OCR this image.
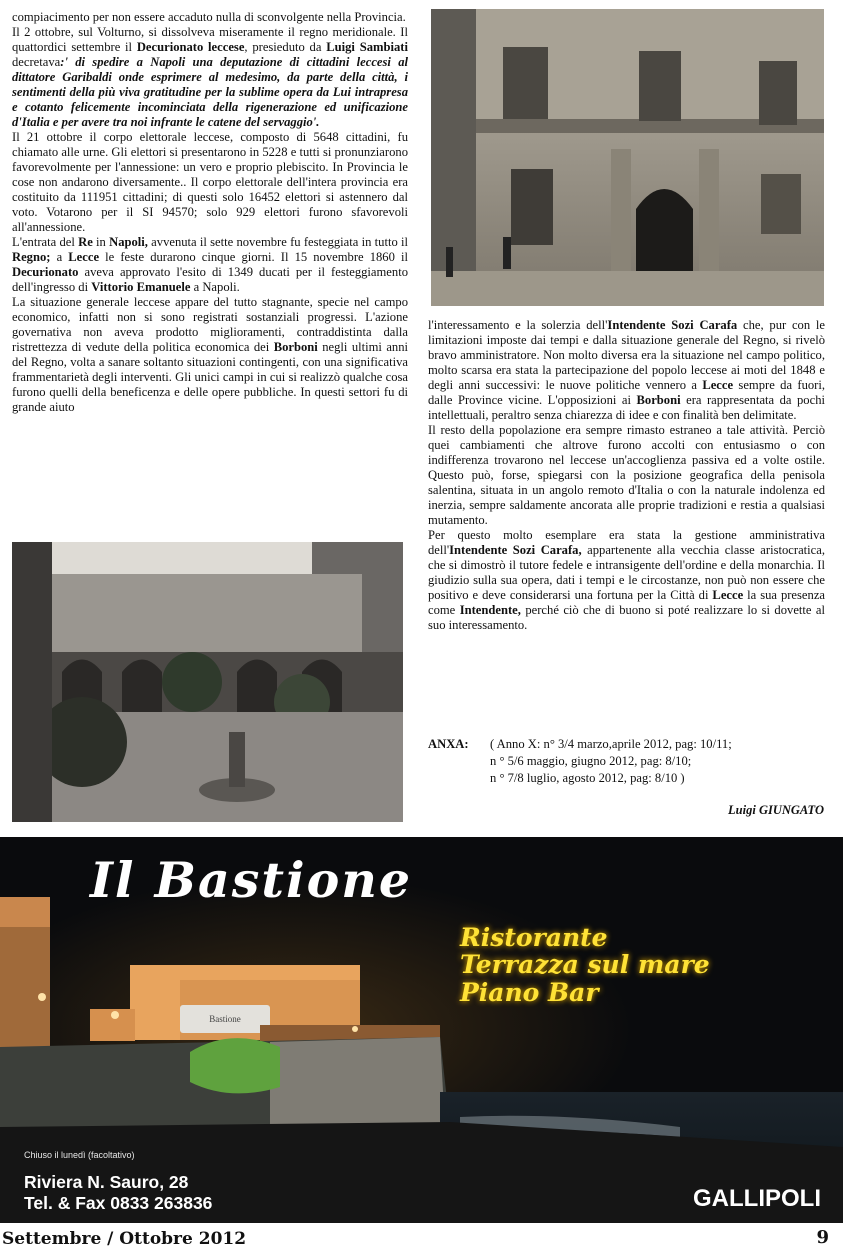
compiacimento per non essere accaduto nulla di sconvolgente nella Provincia.

Il 2 ottobre, sul Volturno, si dissolveva miseramente il regno meridionale. Il quattordici settembre il Decurionato leccese, presieduto da Luigi Sambiati decretava:' di spedire a Napoli una deputazione di cittadini leccesi al dittatore Garibaldi onde esprimere al medesimo, da parte della città, i sentimenti della più viva gratitudine per la sublime opera da Lui intrapresa e cotanto felicemente incominciata della rigenerazione ed unificazione d'Italia e per avere tra noi infrante le catene del servaggio'.

Il 21 ottobre il corpo elettorale leccese, composto di 5648 cittadini, fu chiamato alle urne. Gli elettori si presentarono in 5228 e tutti si pronunziarono favorevolmente per l'annessione: un vero e proprio plebiscito. In Provincia le cose non andarono diversamente.. Il corpo elettorale dell'intera provincia era costituito da 111951 cittadini; di questi solo 16452 elettori si astennero dal voto. Votarono per il SI 94570; solo 929 elettori furono sfavorevoli all'annessione.

L'entrata del Re in Napoli, avvenuta il sette novembre fu festeggiata in tutto il Regno; a Lecce le feste durarono cinque giorni. Il 15 novembre 1860 il Decurionato aveva approvato l'esito di 1349 ducati per il festeggiamento dell'ingresso di Vittorio Emanuele a Napoli.

La situazione generale leccese appare del tutto stagnante, specie nel campo economico, infatti non si sono registrati sostanziali progressi. L'azione governativa non aveva prodotto miglioramenti, contraddistinta dalla ristrettezza di vedute della politica economica dei Borboni negli ultimi anni del Regno, volta a sanare soltanto situazioni contingenti, con una significativa frammentarietà degli interventi. Gli unici campi in cui si realizzò qualche cosa furono quelli della beneficenza e delle opere pubbliche. In questi settori fu di grande aiuto

l'interessamento e la solerzia dell'Intendente Sozi Carafa che, pur con le limitazioni imposte dai tempi e dalla situazione generale del Regno, si rivelò bravo amministratore. Non molto diversa era la situazione nel campo politico, molto scarsa era stata la partecipazione del popolo leccese ai moti del 1848 e degli anni successivi: le nuove politiche vennero a Lecce sempre da fuori, dalle Province vicine. L'opposizioni ai Borboni era rappresentata da pochi intellettuali, peraltro senza chiarezza di idee e con finalità ben delimitate.

Il resto della popolazione era sempre rimasto estraneo a tale attività. Perciò quei cambiamenti che altrove furono accolti con entusiasmo o con indifferenza trovarono nel leccese un'accoglienza passiva ed a volte ostile. Questo può, forse, spiegarsi con la posizione geografica della penisola salentina, situata in un angolo remoto d'Italia o con la naturale indolenza ed inerzia, sempre saldamente ancorata alle proprie tradizioni e restia a qualsiasi mutamento.

Per questo molto esemplare era stata la gestione amministrativa dell'Intendente Sozi Carafa, appartenente alla vecchia classe aristocratica, che si dimostrò il tutore fedele e intransigente dell'ordine e della monarchia. Il giudizio sulla sua opera, dati i tempi e le circostanze, non può non essere che positivo e deve considerarsi una fortuna per la Città di Lecce la sua presenza come Intendente, perché ciò che di buono si poté realizzare lo si dovette al suo interessamento.

ANXA:	( Anno X: n° 3/4 marzo,aprile 2012, pag: 10/11;
n ° 5/6 maggio, giugno 2012, pag: 8/10;
n ° 7/8 luglio, agosto 2012, pag: 8/10 )
Luigi GIUNGATO
Bastione
Il Bastione
Ristorante
Terrazza sul mare
Piano Bar
Chiuso il lunedì (facoltativo)
Riviera N. Sauro, 28
Tel. & Fax 0833 263836	GALLIPOLI
Settembre / Ottobre 2012	9
